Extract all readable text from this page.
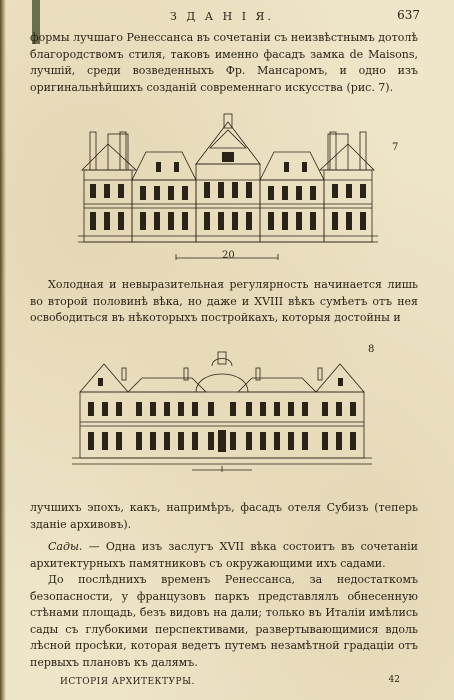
З Д А Н І Я.	637

формы лучшаго Ренессанса въ сочетаніи съ неизвѣстнымъ дотолѣ благородствомъ стиля, таковъ именно фасадъ замка de Maisons, лучшій, среди возведенныхъ Фр. Мансаромъ, и одно изъ оригинальнѣйшихъ созданій современнаго искусства (рис. 7).

7
20

Холодная и невыразительная регулярность начинается лишь во второй половинѣ вѣка, но даже и XVIII вѣкъ сумѣетъ отъ нея освободиться въ нѣкоторыхъ постройкахъ, которыя достойны и

8

лучшихъ эпохъ, какъ, напримѣръ, фасадъ отеля Субизъ (теперь зданіе архивовъ).

Сады. — Одна изъ заслугъ XVII вѣка состоитъ въ сочетаніи архитектурныхъ памятниковъ съ окружающими ихъ садами.

До послѣднихъ временъ Ренессанса, за недостаткомъ безопасности, у французовъ паркъ представлялъ обнесенную стѣнами площадь, безъ видовъ на дали; только въ Италіи имѣлись сады съ глубокими перспективами, развертывающимися вдоль лѣсной просѣки, которая ведетъ путемъ незамѣтной градаціи отъ первыхъ плановъ къ далямъ.

ИСТОРІЯ АРХИТЕКТУРЫ.	42
